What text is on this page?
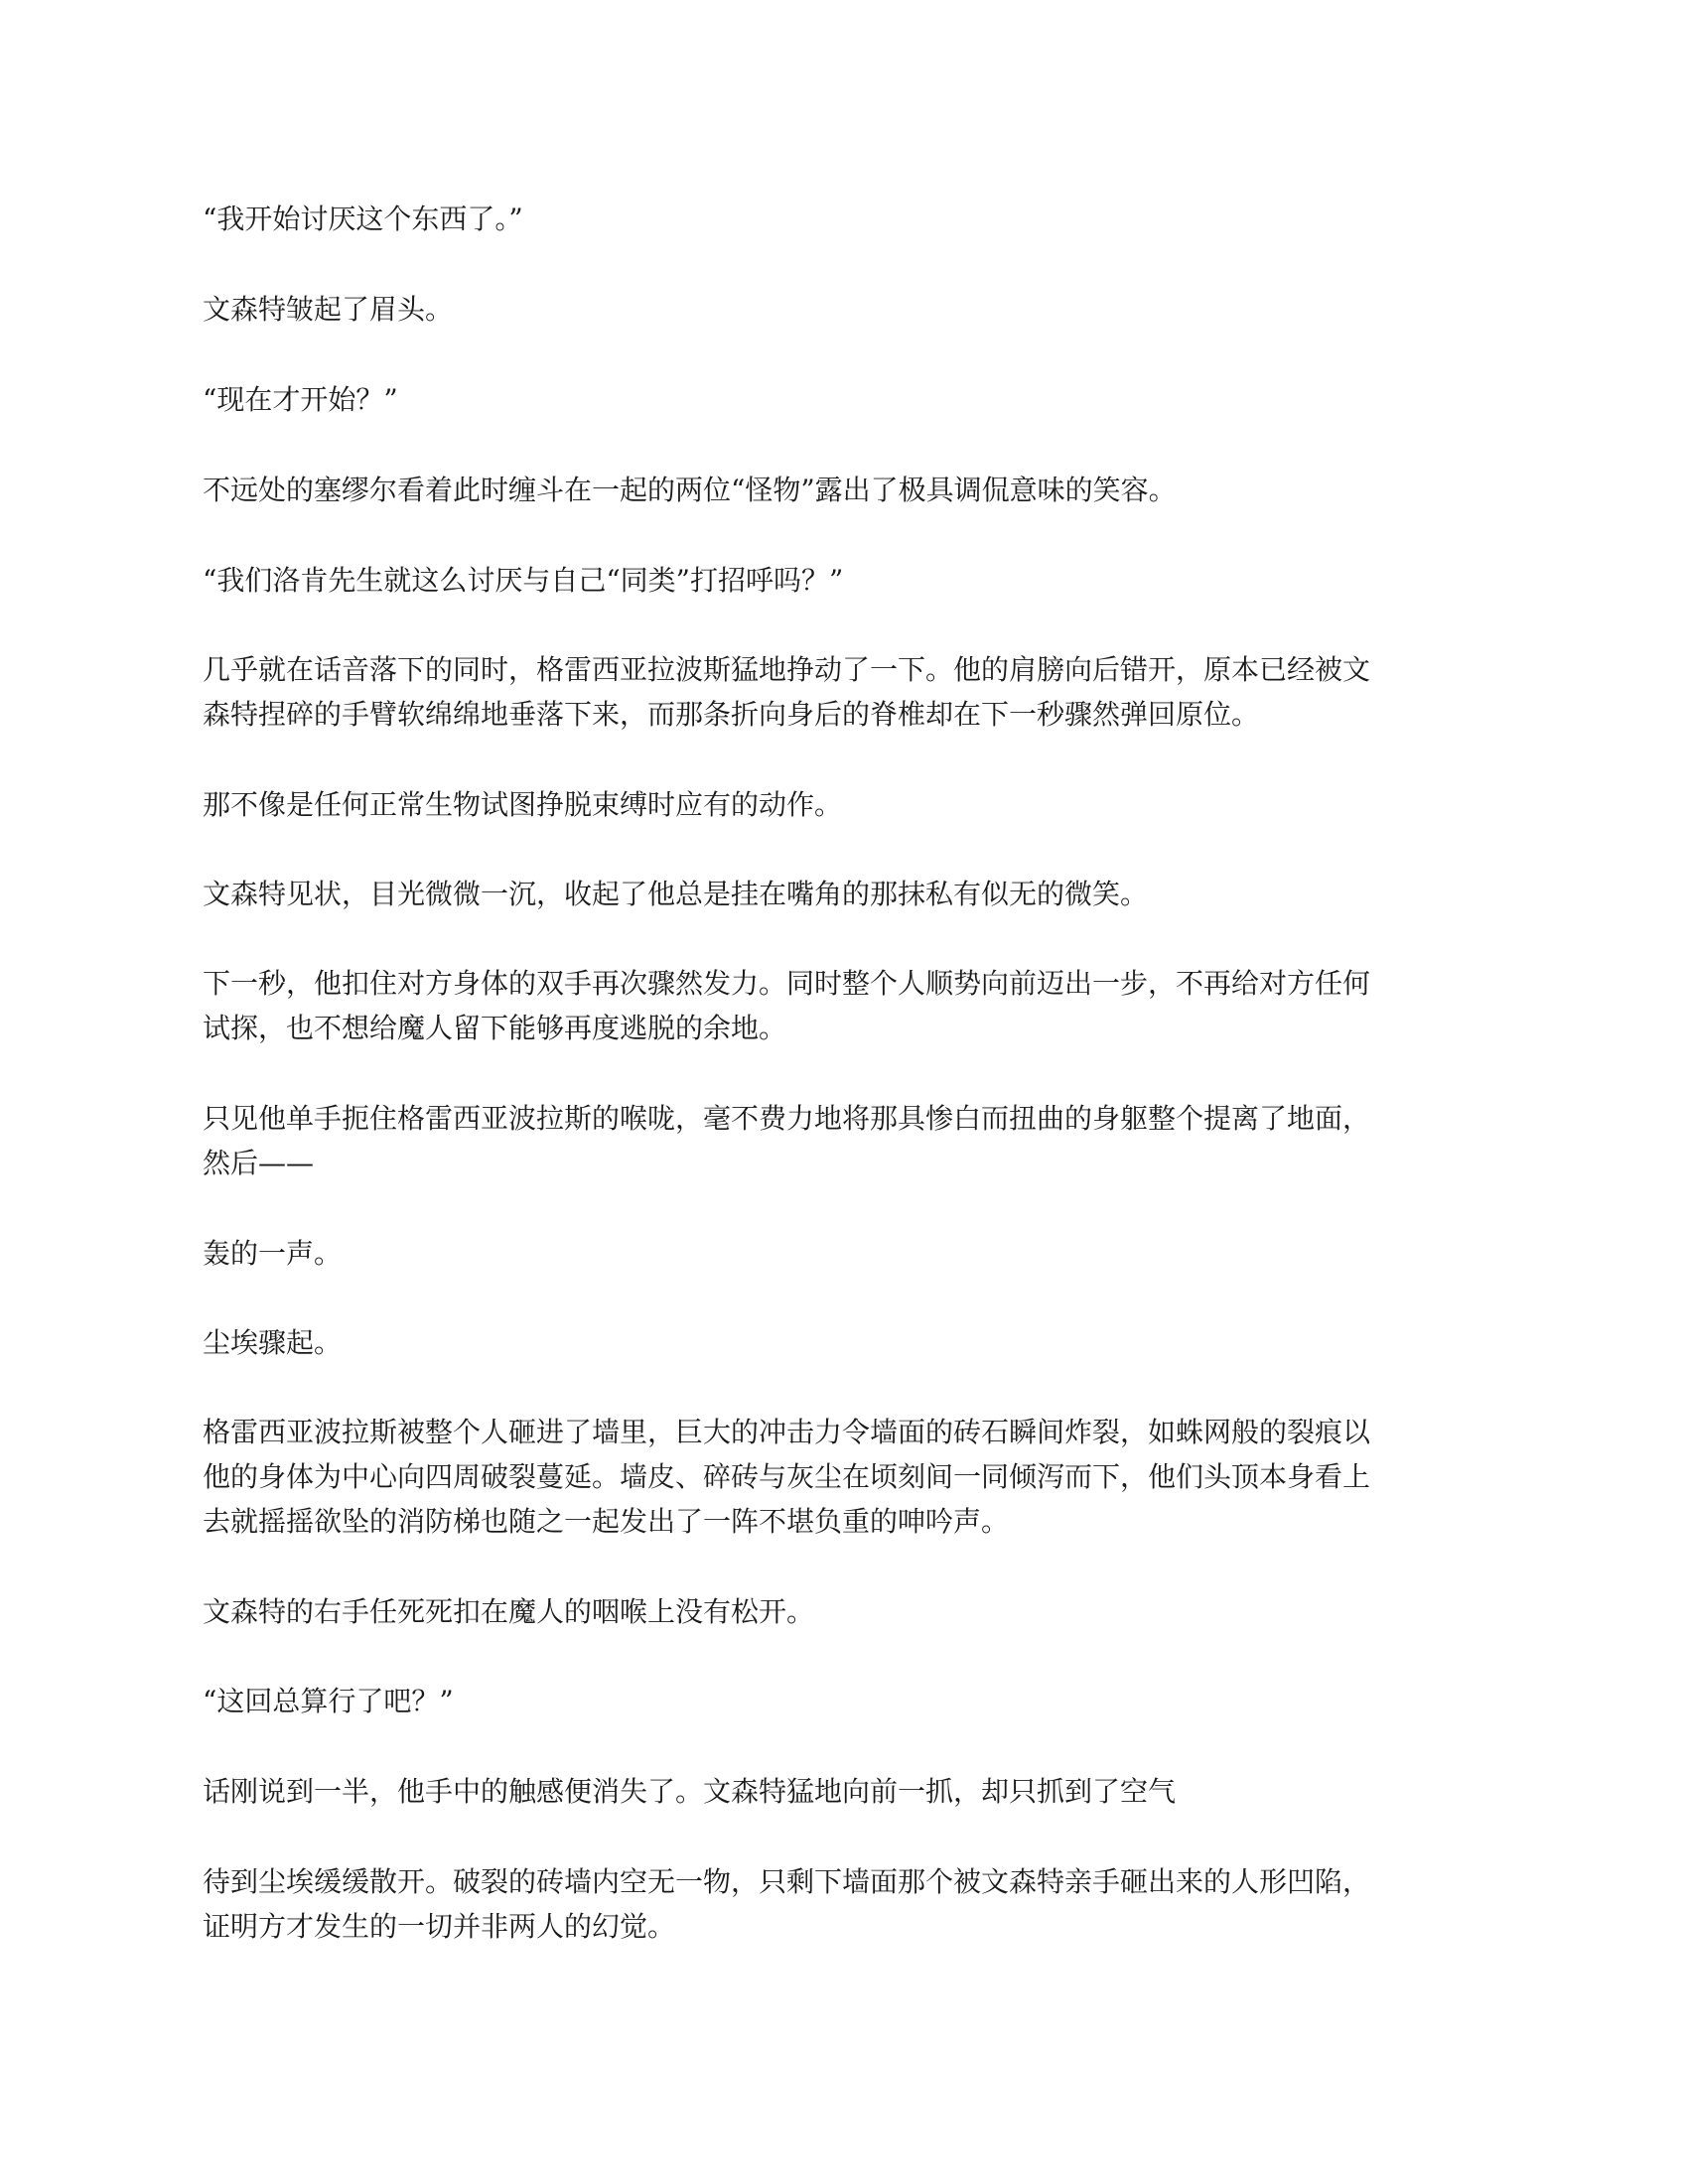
“我开始讨厌这个东西了。”

文森特皱起了眉头。

“现在才开始？”

不远处的塞缪尔看着此时缠斗在一起的两位“怪物”露出了极具调侃意味的笑容。

“我们洛肯先生就这么讨厌与自己“同类”打招呼吗？”

几乎就在话音落下的同时，格雷西亚拉波斯猛地挣动了一下。他的肩膀向后错开，原本已经被文
森特捏碎的手臂软绵绵地垂落下来，而那条折向身后的脊椎却在下一秒骤然弹回原位。

那不像是任何正常生物试图挣脱束缚时应有的动作。

文森特见状，目光微微一沉，收起了他总是挂在嘴角的那抹私有似无的微笑。

下一秒，他扣住对方身体的双手再次骤然发力。同时整个人顺势向前迈出一步，不再给对方任何
试探，也不想给魔人留下能够再度逃脱的余地。

只见他单手扼住格雷西亚波拉斯的喉咙，毫不费力地将那具惨白而扭曲的身躯整个提离了地面，
然后——

轰的一声。

尘埃骤起。

格雷西亚波拉斯被整个人砸进了墙里，巨大的冲击力令墙面的砖石瞬间炸裂，如蛛网般的裂痕以
他的身体为中心向四周破裂蔓延。墙皮、碎砖与灰尘在顷刻间一同倾泻而下，他们头顶本身看上
去就摇摇欲坠的消防梯也随之一起发出了一阵不堪负重的呻吟声。

文森特的右手任死死扣在魔人的咽喉上没有松开。

“这回总算行了吧？”

话刚说到一半，他手中的触感便消失了。文森特猛地向前一抓，却只抓到了空气

待到尘埃缓缓散开。破裂的砖墙内空无一物，只剩下墙面那个被文森特亲手砸出来的人形凹陷，
证明方才发生的一切并非两人的幻觉。
